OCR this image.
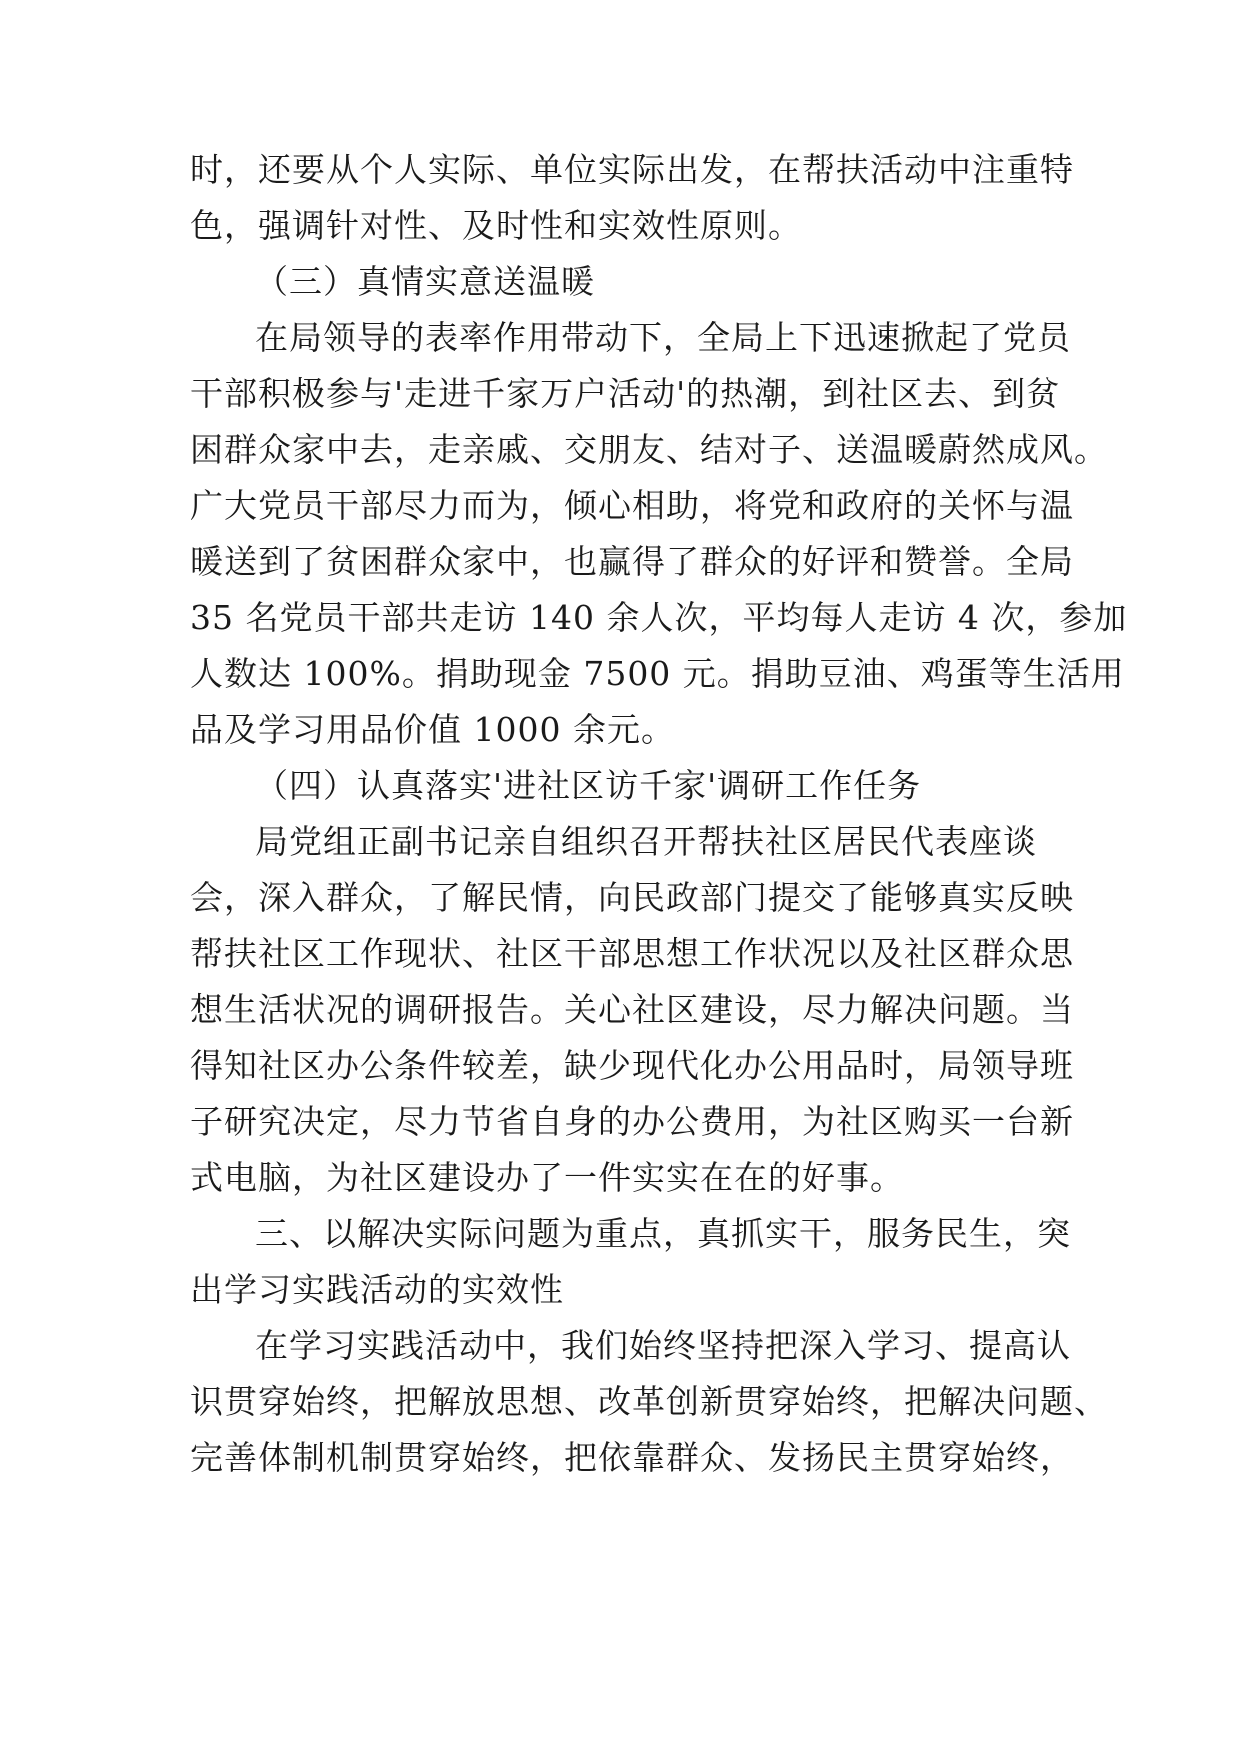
时，还要从个人实际、单位实际出发，在帮扶活动中注重特
色，强调针对性、及时性和实效性原则。
（三）真情实意送温暖
在局领导的表率作用带动下，全局上下迅速掀起了党员
干部积极参与'走进千家万户活动'的热潮，到社区去、到贫
困群众家中去，走亲戚、交朋友、结对子、送温暖蔚然成风。
广大党员干部尽力而为，倾心相助，将党和政府的关怀与温
暖送到了贫困群众家中，也赢得了群众的好评和赞誉。全局
35 名党员干部共走访 140 余人次，平均每人走访 4 次，参加
人数达 100%。捐助现金 7500 元。捐助豆油、鸡蛋等生活用
品及学习用品价值 1000 余元。
（四）认真落实'进社区访千家'调研工作任务
局党组正副书记亲自组织召开帮扶社区居民代表座谈
会，深入群众，了解民情，向民政部门提交了能够真实反映
帮扶社区工作现状、社区干部思想工作状况以及社区群众思
想生活状况的调研报告。关心社区建设，尽力解决问题。当
得知社区办公条件较差，缺少现代化办公用品时，局领导班
子研究决定，尽力节省自身的办公费用，为社区购买一台新
式电脑，为社区建设办了一件实实在在的好事。
三、以解决实际问题为重点，真抓实干，服务民生，突
出学习实践活动的实效性
在学习实践活动中，我们始终坚持把深入学习、提高认
识贯穿始终，把解放思想、改革创新贯穿始终，把解决问题、
完善体制机制贯穿始终，把依靠群众、发扬民主贯穿始终，
